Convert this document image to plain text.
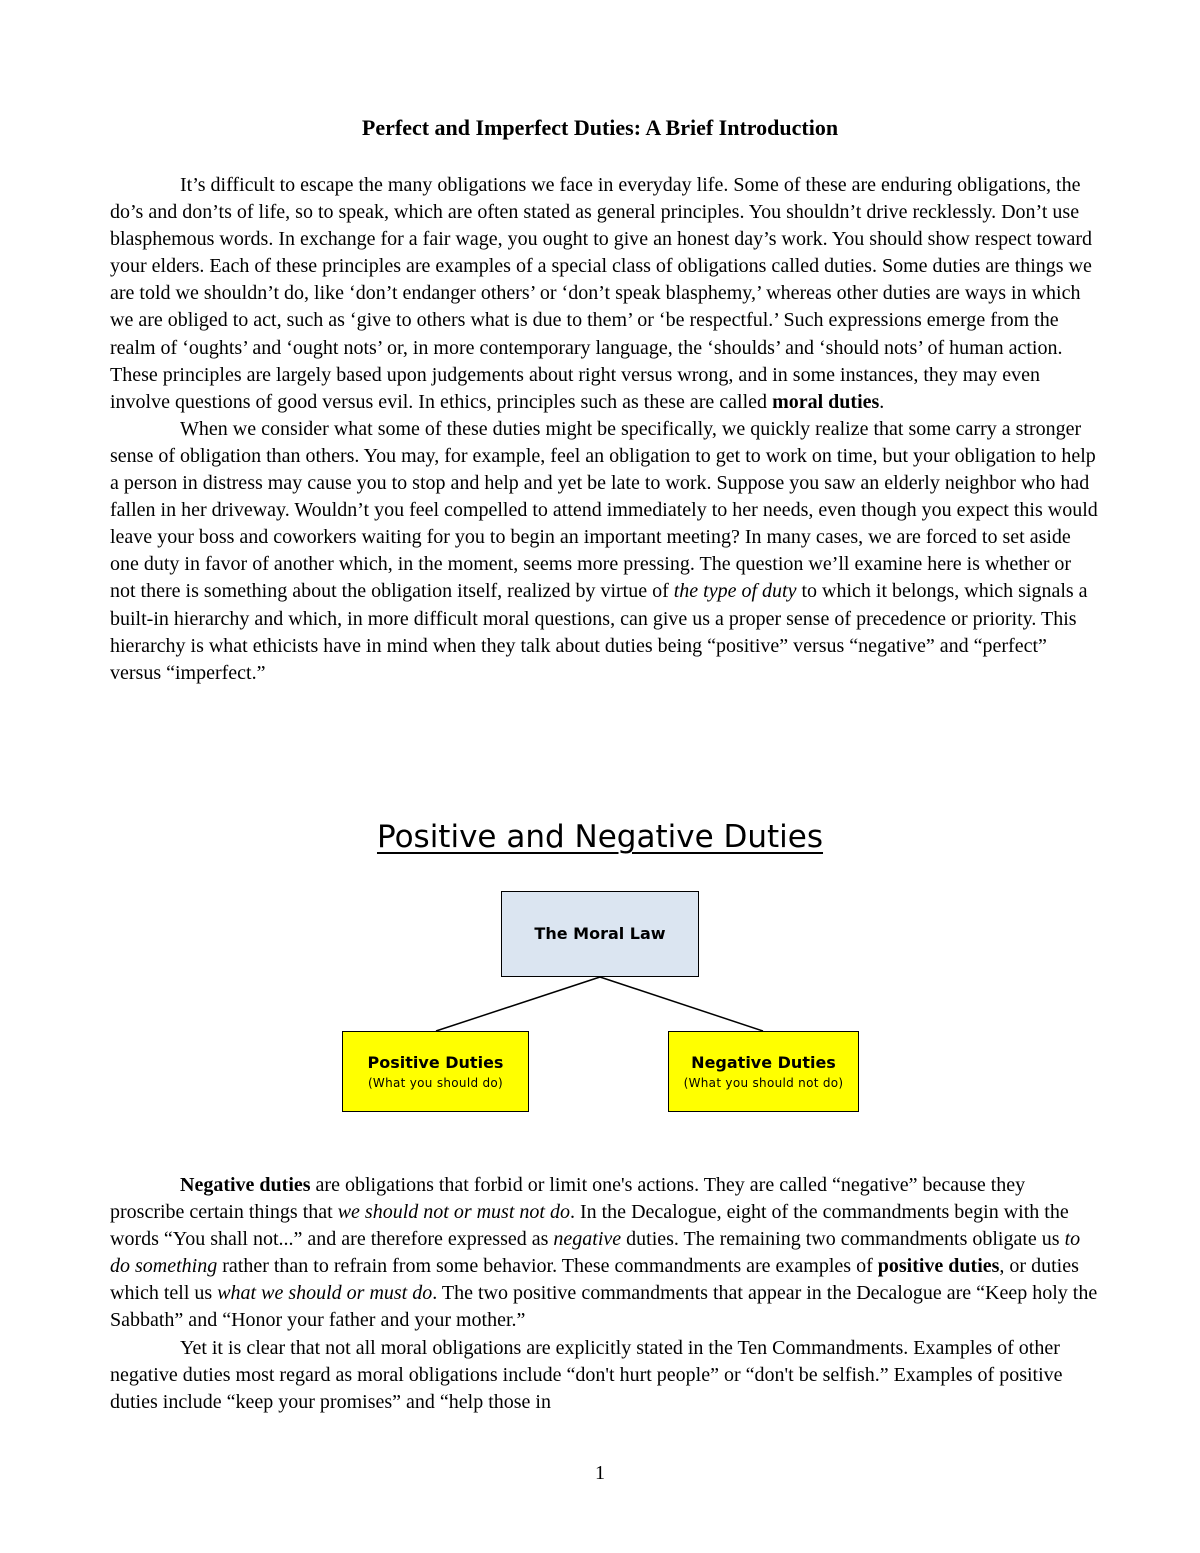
Perfect and Imperfect Duties: A Brief Introduction

It’s difficult to escape the many obligations we face in everyday life. Some of these are enduring obligations, the do’s and don’ts of life, so to speak, which are often stated as general principles. You shouldn’t drive recklessly. Don’t use blasphemous words. In exchange for a fair wage, you ought to give an honest day’s work. You should show respect toward your elders. Each of these principles are examples of a special class of obligations called duties. Some duties are things we are told we shouldn’t do, like ‘don’t endanger others’ or ‘don’t speak blasphemy,’ whereas other duties are ways in which we are obliged to act, such as ‘give to others what is due to them’ or ‘be respectful.’ Such expressions emerge from the realm of ‘oughts’ and ‘ought nots’ or, in more contemporary language, the ‘shoulds’ and ‘should nots’ of human action. These principles are largely based upon judgements about right versus wrong, and in some instances, they may even involve questions of good versus evil. In ethics, principles such as these are called moral duties.

When we consider what some of these duties might be specifically, we quickly realize that some carry a stronger sense of obligation than others. You may, for example, feel an obligation to get to work on time, but your obligation to help a person in distress may cause you to stop and help and yet be late to work. Suppose you saw an elderly neighbor who had fallen in her driveway. Wouldn’t you feel compelled to attend immediately to her needs, even though you expect this would leave your boss and coworkers waiting for you to begin an important meeting? In many cases, we are forced to set aside one duty in favor of another which, in the moment, seems more pressing. The question we’ll examine here is whether or not there is something about the obligation itself, realized by virtue of the type of duty to which it belongs, which signals a built-in hierarchy and which, in more difficult moral questions, can give us a proper sense of precedence or priority. This hierarchy is what ethicists have in mind when they talk about duties being “positive” versus “negative” and “perfect” versus “imperfect.”

Positive and Negative Duties
The Moral Law
Positive Duties
(What you should do)
Negative Duties
(What you should not do)

Negative duties are obligations that forbid or limit one's actions. They are called “negative” because they proscribe certain things that we should not or must not do. In the Decalogue, eight of the commandments begin with the words “You shall not...” and are therefore expressed as negative duties. The remaining two commandments obligate us to do something rather than to refrain from some behavior. These commandments are examples of positive duties, or duties which tell us what we should or must do. The two positive commandments that appear in the Decalogue are “Keep holy the Sabbath” and “Honor your father and your mother.”

Yet it is clear that not all moral obligations are explicitly stated in the Ten Commandments. Examples of other negative duties most regard as moral obligations include “don't hurt people” or “don't be selfish.” Examples of positive duties include “keep your promises” and “help those in

1
